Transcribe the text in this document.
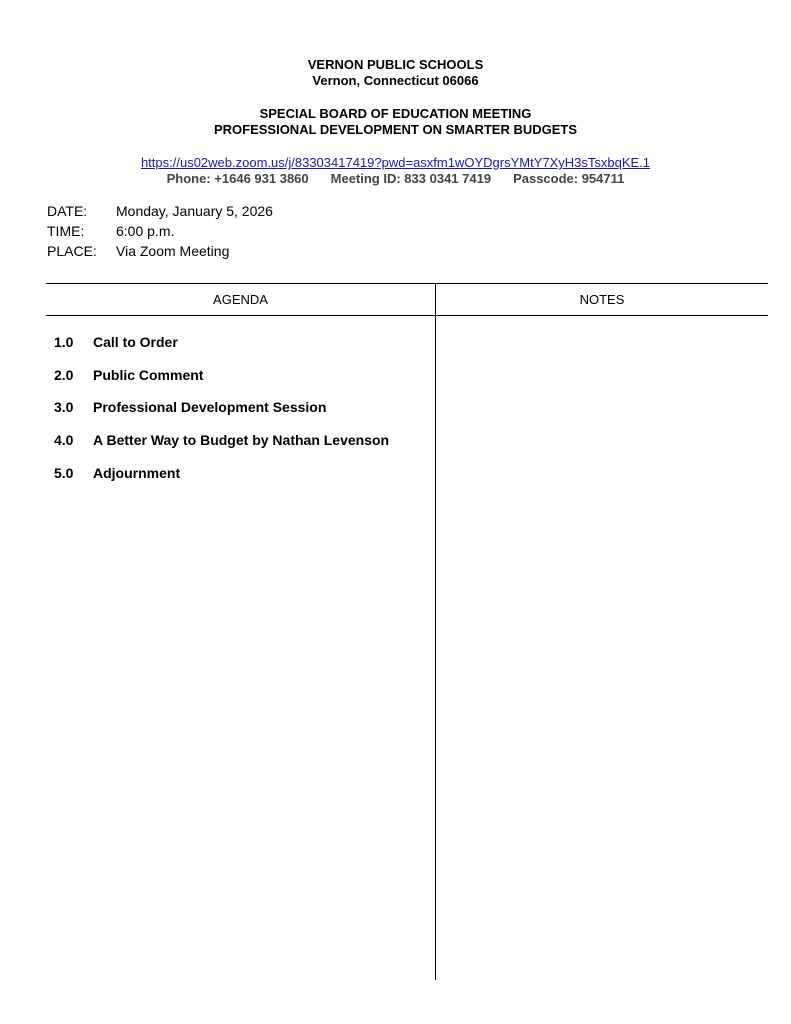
VERNON PUBLIC SCHOOLS
Vernon, Connecticut 06066
SPECIAL BOARD OF EDUCATION MEETING
PROFESSIONAL DEVELOPMENT ON SMARTER BUDGETS
https://us02web.zoom.us/j/83303417419?pwd=asxfm1wOYDgrsYMtY7XyH3sTsxbqKE.1
Phone: +1646 931 3860 Meeting ID: 833 0341 7419 Passcode: 954711
DATE: Monday, January 5, 2026
TIME: 6:00 p.m.
PLACE: Via Zoom Meeting
AGENDA	NOTES
1.0 Call to Order
2.0 Public Comment
3.0 Professional Development Session
4.0 A Better Way to Budget by Nathan Levenson
5.0 Adjournment
